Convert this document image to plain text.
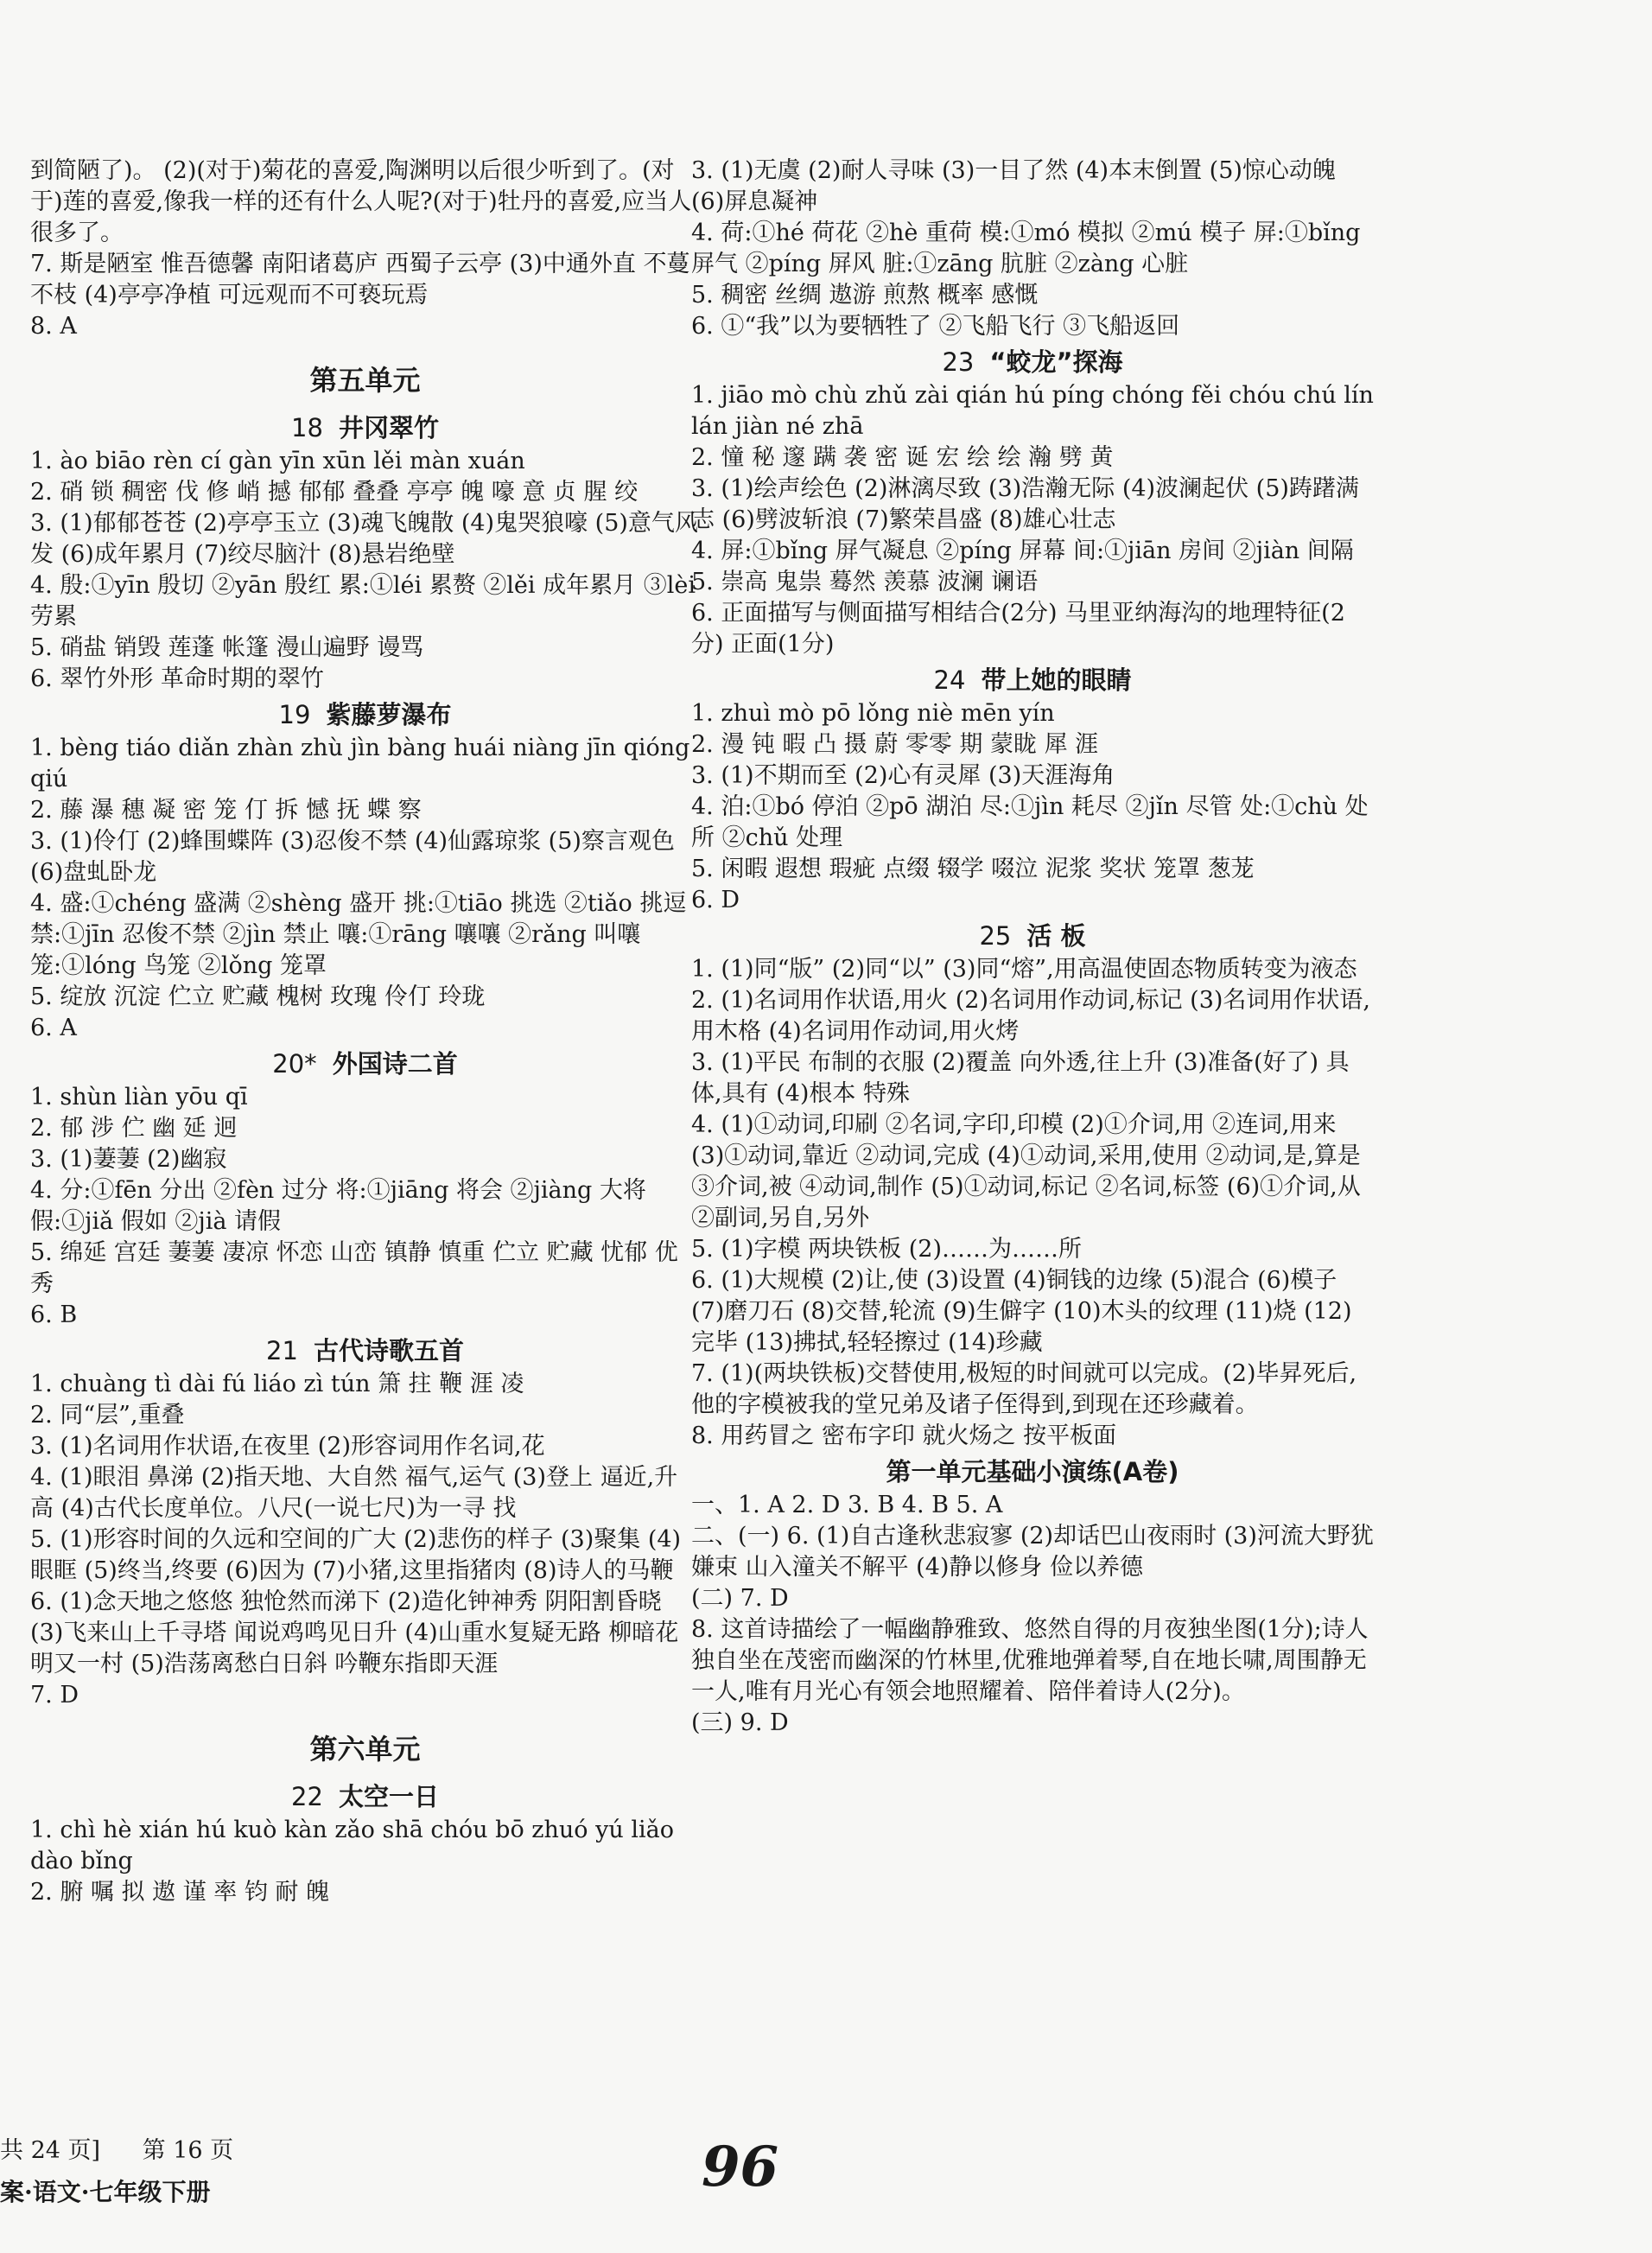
到简陋了)。 (2)(对于)菊花的喜爱,陶渊明以后很少听到了。(对于)莲的喜爱,像我一样的还有什么人呢?(对于)牡丹的喜爱,应当人很多了。

7. 斯是陋室 惟吾德馨 南阳诸葛庐 西蜀子云亭 (3)中通外直 不蔓不枝 (4)亭亭净植 可远观而不可亵玩焉

8. A

第五单元
18 井冈翠竹

1. ào biāo rèn cí gàn yīn xūn lěi màn xuán

2. 硝 锁 稠密 伐 修 峭 撼 郁郁 叠叠 亭亭 魄 嚎 意 贞 腥 绞

3. (1)郁郁苍苍 (2)亭亭玉立 (3)魂飞魄散 (4)鬼哭狼嚎 (5)意气风发 (6)成年累月 (7)绞尽脑汁 (8)悬岩绝壁

4. 殷:①yīn 殷切 ②yān 殷红 累:①léi 累赘 ②lěi 成年累月 ③lèi 劳累

5. 硝盐 销毁 莲蓬 帐篷 漫山遍野 谩骂

6. 翠竹外形 革命时期的翠竹

19 紫藤萝瀑布

1. bèng tiáo diǎn zhàn zhù jìn bàng huái niàng jīn qióng qiú

2. 藤 瀑 穗 凝 密 笼 仃 拆 憾 抚 蝶 察

3. (1)伶仃 (2)蜂围蝶阵 (3)忍俊不禁 (4)仙露琼浆 (5)察言观色 (6)盘虬卧龙

4. 盛:①chéng 盛满 ②shèng 盛开 挑:①tiāo 挑选 ②tiǎo 挑逗 禁:①jīn 忍俊不禁 ②jìn 禁止 嚷:①rāng 嚷嚷 ②rǎng 叫嚷 笼:①lóng 鸟笼 ②lǒng 笼罩

5. 绽放 沉淀 伫立 贮藏 槐树 玫瑰 伶仃 玲珑

6. A

20* 外国诗二首

1. shùn liàn yōu qī

2. 郁 涉 伫 幽 延 迥

3. (1)萋萋 (2)幽寂

4. 分:①fēn 分出 ②fèn 过分 将:①jiāng 将会 ②jiàng 大将 假:①jiǎ 假如 ②jià 请假

5. 绵延 宫廷 萋萋 凄凉 怀恋 山峦 镇静 慎重 伫立 贮藏 忧郁 优秀

6. B

21 古代诗歌五首

1. chuàng tì dài fú liáo zì tún 箫 拄 鞭 涯 凌

2. 同“层”,重叠

3. (1)名词用作状语,在夜里 (2)形容词用作名词,花

4. (1)眼泪 鼻涕 (2)指天地、大自然 福气,运气 (3)登上 逼近,升高 (4)古代长度单位。八尺(一说七尺)为一寻 找

5. (1)形容时间的久远和空间的广大 (2)悲伤的样子 (3)聚集 (4)眼眶 (5)终当,终要 (6)因为 (7)小猪,这里指猪肉 (8)诗人的马鞭

6. (1)念天地之悠悠 独怆然而涕下 (2)造化钟神秀 阴阳割昏晓 (3)飞来山上千寻塔 闻说鸡鸣见日升 (4)山重水复疑无路 柳暗花明又一村 (5)浩荡离愁白日斜 吟鞭东指即天涯

7. D

第六单元
22 太空一日

1. chì hè xián hú kuò kàn zǎo shā chóu bō zhuó yú liǎo dào bǐng

2. 腑 嘱 拟 遨 谨 率 钧 耐 魄

3. (1)无虞 (2)耐人寻味 (3)一目了然 (4)本末倒置 (5)惊心动魄 (6)屏息凝神

4. 荷:①hé 荷花 ②hè 重荷 模:①mó 模拟 ②mú 模子 屏:①bǐng 屏气 ②píng 屏风 脏:①zāng 肮脏 ②zàng 心脏

5. 稠密 丝绸 遨游 煎熬 概率 感慨

6. ①“我”以为要牺牲了 ②飞船飞行 ③飞船返回

23 “蛟龙”探海

1. jiāo mò chù zhǔ zài qián hú píng chóng fěi chóu chú lín lán jiàn né zhā

2. 憧 秘 邃 蹒 袭 密 诞 宏 绘 绘 瀚 劈 黄

3. (1)绘声绘色 (2)淋漓尽致 (3)浩瀚无际 (4)波澜起伏 (5)踌躇满志 (6)劈波斩浪 (7)繁荣昌盛 (8)雄心壮志

4. 屏:①bǐng 屏气凝息 ②píng 屏幕 间:①jiān 房间 ②jiàn 间隔

5. 崇高 鬼祟 蓦然 羡慕 波澜 谰语

6. 正面描写与侧面描写相结合(2分) 马里亚纳海沟的地理特征(2分) 正面(1分)

24 带上她的眼睛

1. zhuì mò pō lǒng niè mēn yín

2. 漫 钝 暇 凸 摄 蔚 零零 期 蒙眬 犀 涯

3. (1)不期而至 (2)心有灵犀 (3)天涯海角

4. 泊:①bó 停泊 ②pō 湖泊 尽:①jìn 耗尽 ②jǐn 尽管 处:①chù 处所 ②chǔ 处理

5. 闲暇 遐想 瑕疵 点缀 辍学 啜泣 泥浆 奖状 笼罩 葱茏

6. D

25 活 板

1. (1)同“版” (2)同“以” (3)同“熔”,用高温使固态物质转变为液态

2. (1)名词用作状语,用火 (2)名词用作动词,标记 (3)名词用作状语,用木格 (4)名词用作动词,用火烤

3. (1)平民 布制的衣服 (2)覆盖 向外透,往上升 (3)准备(好了) 具体,具有 (4)根本 特殊

4. (1)①动词,印刷 ②名词,字印,印模 (2)①介词,用 ②连词,用来 (3)①动词,靠近 ②动词,完成 (4)①动词,采用,使用 ②动词,是,算是 ③介词,被 ④动词,制作 (5)①动词,标记 ②名词,标签 (6)①介词,从 ②副词,另自,另外

5. (1)字模 两块铁板 (2)……为……所

6. (1)大规模 (2)让,使 (3)设置 (4)铜钱的边缘 (5)混合 (6)模子 (7)磨刀石 (8)交替,轮流 (9)生僻字 (10)木头的纹理 (11)烧 (12)完毕 (13)拂拭,轻轻擦过 (14)珍藏

7. (1)(两块铁板)交替使用,极短的时间就可以完成。(2)毕昇死后,他的字模被我的堂兄弟及诸子侄得到,到现在还珍藏着。

8. 用药冒之 密布字印 就火炀之 按平板面

第一单元基础小演练(A卷)

一、1. A 2. D 3. B 4. B 5. A

二、(一) 6. (1)自古逢秋悲寂寥 (2)却话巴山夜雨时 (3)河流大野犹嫌束 山入潼关不解平 (4)静以修身 俭以养德

(二) 7. D

8. 这首诗描绘了一幅幽静雅致、悠然自得的月夜独坐图(1分);诗人独自坐在茂密而幽深的竹林里,优雅地弹着琴,自在地长啸,周围静无一人,唯有月光心有领会地照耀着、陪伴着诗人(2分)。

(三) 9. D

共 24 页] 第 16 页
案·语文·七年级下册	96
